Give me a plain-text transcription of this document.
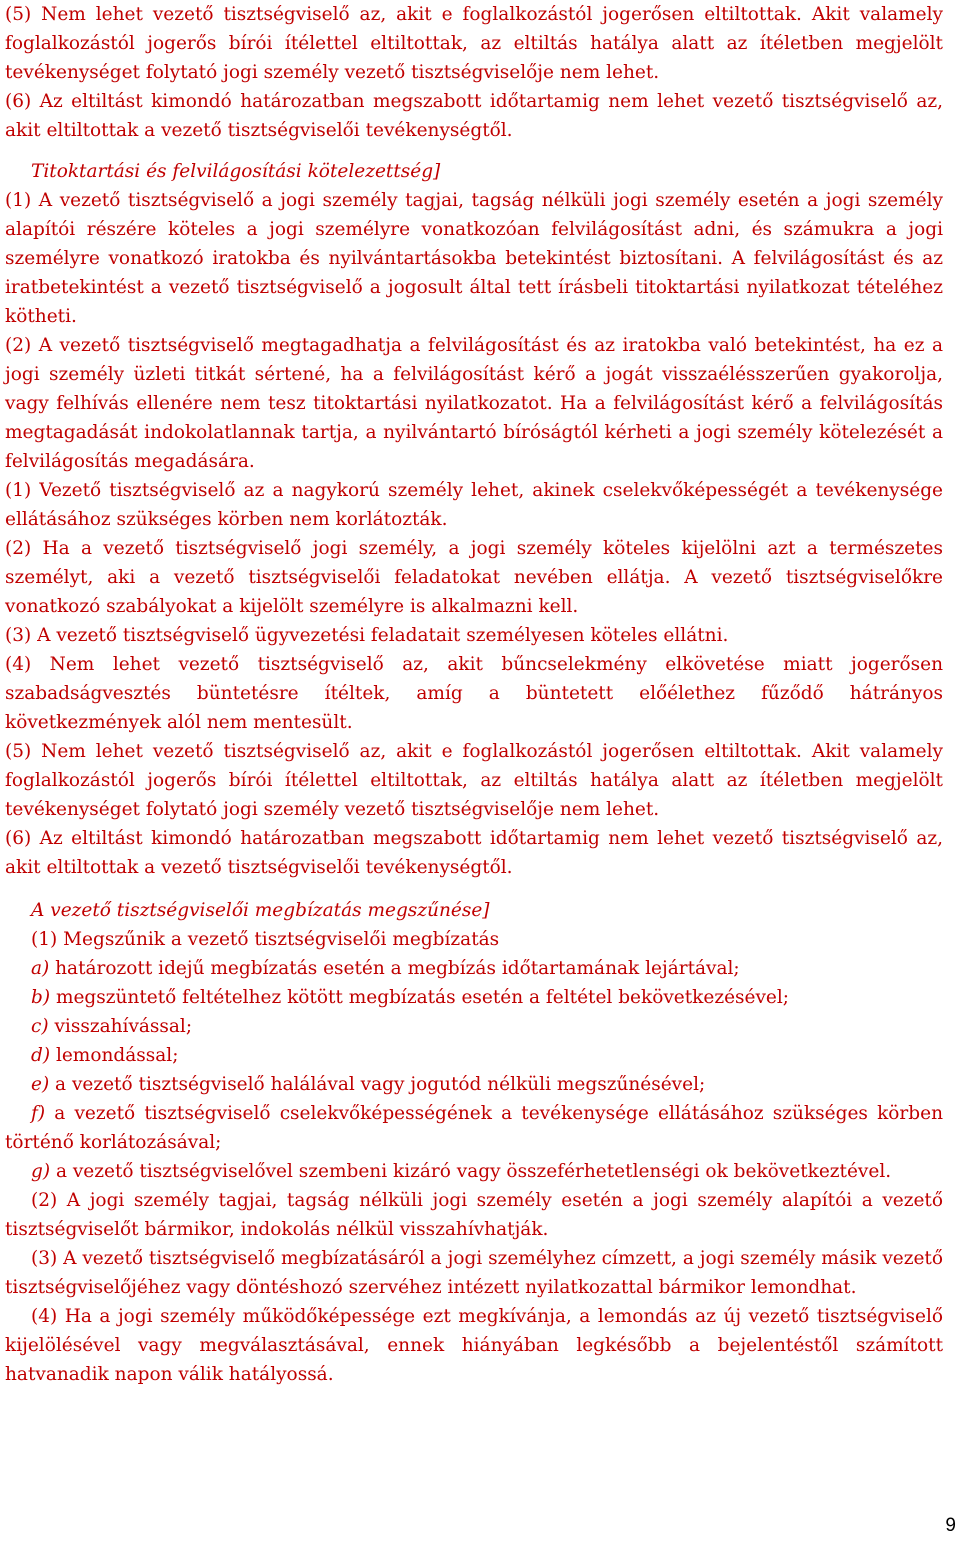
(5) Nem lehet vezető tisztségviselő az, akit e foglalkozástól jogerősen eltiltottak. Akit valamely foglalkozástól jogerős bírói ítélettel eltiltottak, az eltiltás hatálya alatt az ítéletben megjelölt tevékenységet folytató jogi személy vezető tisztségviselője nem lehet.

(6) Az eltiltást kimondó határozatban megszabott időtartamig nem lehet vezető tisztségviselő az, akit eltiltottak a vezető tisztségviselői tevékenységtől.

Titoktartási és felvilágosítási kötelezettség]

(1) A vezető tisztségviselő a jogi személy tagjai, tagság nélküli jogi személy esetén a jogi személy alapítói részére köteles a jogi személyre vonatkozóan felvilágosítást adni, és számukra a jogi személyre vonatkozó iratokba és nyilvántartásokba betekintést biztosítani. A felvilágosítást és az iratbetekintést a vezető tisztségviselő a jogosult által tett írásbeli titoktartási nyilatkozat tételéhez kötheti.

(2) A vezető tisztségviselő megtagadhatja a felvilágosítást és az iratokba való betekintést, ha ez a jogi személy üzleti titkát sértené, ha a felvilágosítást kérő a jogát visszaélésszerűen gyakorolja, vagy felhívás ellenére nem tesz titoktartási nyilatkozatot. Ha a felvilágosítást kérő a felvilágosítás megtagadását indokolatlannak tartja, a nyilvántartó bíróságtól kérheti a jogi személy kötelezését a felvilágosítás megadására.

(1) Vezető tisztségviselő az a nagykorú személy lehet, akinek cselekvőképességét a tevékenysége ellátásához szükséges körben nem korlátozták.

(2) Ha a vezető tisztségviselő jogi személy, a jogi személy köteles kijelölni azt a természetes személyt, aki a vezető tisztségviselői feladatokat nevében ellátja. A vezető tisztségviselőkre vonatkozó szabályokat a kijelölt személyre is alkalmazni kell.

(3) A vezető tisztségviselő ügyvezetési feladatait személyesen köteles ellátni.

(4) Nem lehet vezető tisztségviselő az, akit bűncselekmény elkövetése miatt jogerősen szabadságvesztés büntetésre ítéltek, amíg a büntetett előélethez fűződő hátrányos következmények alól nem mentesült.

(5) Nem lehet vezető tisztségviselő az, akit e foglalkozástól jogerősen eltiltottak. Akit valamely foglalkozástól jogerős bírói ítélettel eltiltottak, az eltiltás hatálya alatt az ítéletben megjelölt tevékenységet folytató jogi személy vezető tisztségviselője nem lehet.

(6) Az eltiltást kimondó határozatban megszabott időtartamig nem lehet vezető tisztségviselő az, akit eltiltottak a vezető tisztségviselői tevékenységtől.

A vezető tisztségviselői megbízatás megszűnése]

(1) Megszűnik a vezető tisztségviselői megbízatás

a) határozott idejű megbízatás esetén a megbízás időtartamának lejártával;

b) megszüntető feltételhez kötött megbízatás esetén a feltétel bekövetkezésével;

c) visszahívással;

d) lemondással;

e) a vezető tisztségviselő halálával vagy jogutód nélküli megszűnésével;

f) a vezető tisztségviselő cselekvőképességének a tevékenysége ellátásához szükséges körben történő korlátozásával;

g) a vezető tisztségviselővel szembeni kizáró vagy összeférhetetlenségi ok bekövetkeztével.

(2) A jogi személy tagjai, tagság nélküli jogi személy esetén a jogi személy alapítói a vezető tisztségviselőt bármikor, indokolás nélkül visszahívhatják.

(3) A vezető tisztségviselő megbízatásáról a jogi személyhez címzett, a jogi személy másik vezető tisztségviselőjéhez vagy döntéshozó szervéhez intézett nyilatkozattal bármikor lemondhat.

(4) Ha a jogi személy működőképessége ezt megkívánja, a lemondás az új vezető tisztségviselő kijelölésével vagy megválasztásával, ennek hiányában legkésőbb a bejelentéstől számított hatvanadik napon válik hatályossá.

9
